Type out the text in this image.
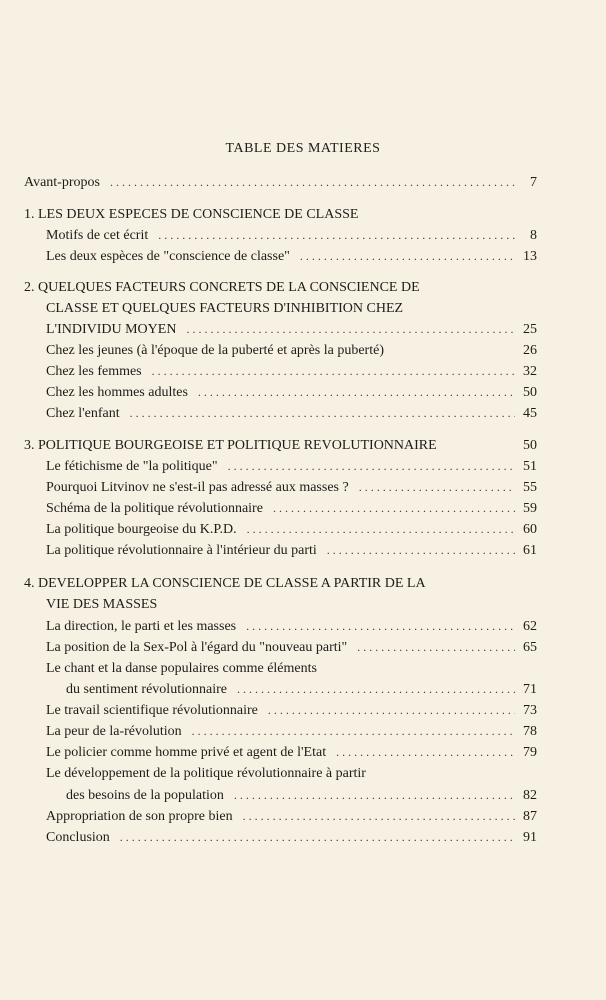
TABLE DES MATIERES
Avant-propos . . .	7
1. LES DEUX ESPECES DE CONSCIENCE DE CLASSE
Motifs de cet écrit . . .	8
Les deux espèces de "conscience de classe" . . .	13
2. QUELQUES FACTEURS CONCRETS DE LA CONSCIENCE DE
CLASSE ET QUELQUES FACTEURS D'INHIBITION CHEZ
L'INDIVIDU MOYEN . . .	25
Chez les jeunes (à l'époque de la puberté et après la puberté)	26
Chez les femmes . . .	32
Chez les hommes adultes . . .	50
Chez l'enfant . . .	45
3. POLITIQUE BOURGEOISE ET POLITIQUE REVOLUTIONNAIRE	50
Le fétichisme de "la politique" . . .	51
Pourquoi Litvinov ne s'est-il pas adressé aux masses ? . . .	55
Schéma de la politique révolutionnaire . . .	59
La politique bourgeoise du K.P.D. . . .	60
La politique révolutionnaire à l'intérieur du parti . . .	61
4. DEVELOPPER LA CONSCIENCE DE CLASSE A PARTIR DE LA
VIE DES MASSES
La direction, le parti et les masses . . .	62
La position de la Sex-Pol à l'égard du "nouveau parti" . . .	65
Le chant et la danse populaires comme éléments
du sentiment révolutionnaire . . .	71
Le travail scientifique révolutionnaire . . .	73
La peur de la-révolution . . .	78
Le policier comme homme privé et agent de l'Etat . . .	79
Le développement de la politique révolutionnaire à partir
des besoins de la population . . .	82
Appropriation de son propre bien . . .	87
Conclusion . . .	91
